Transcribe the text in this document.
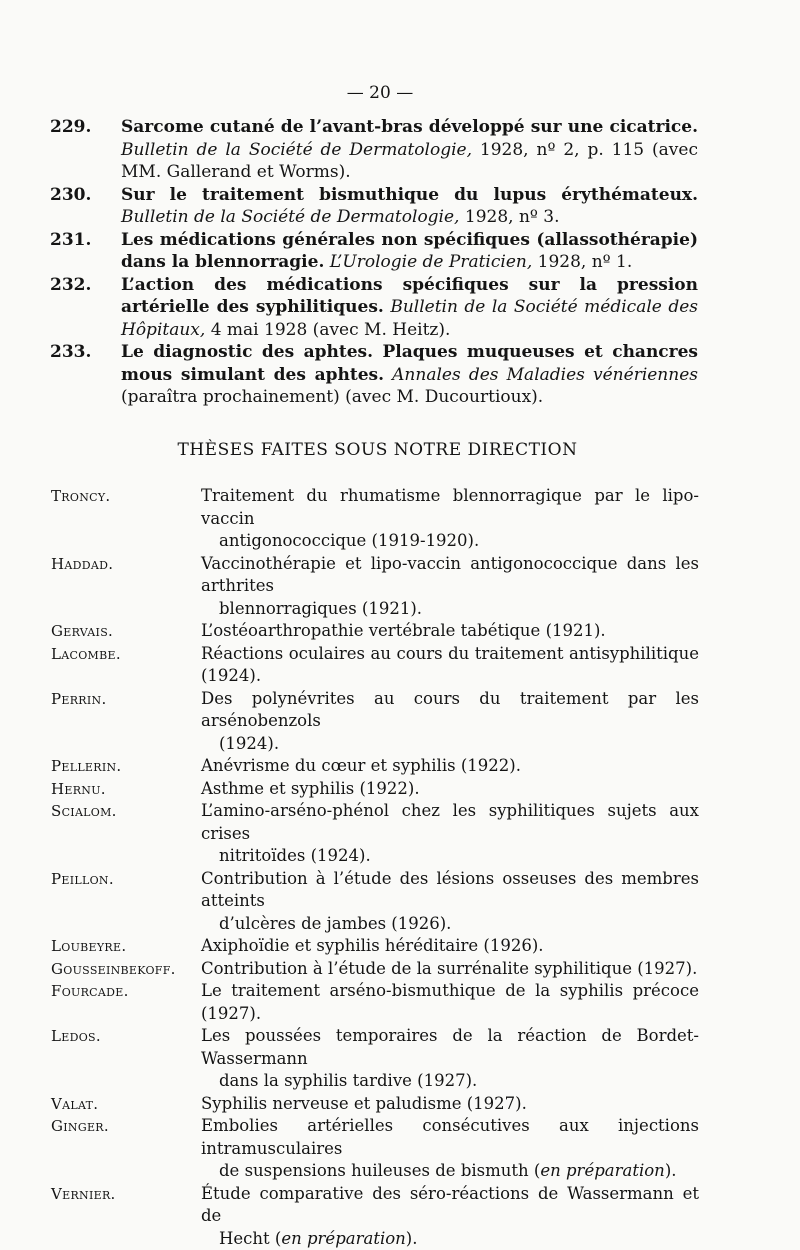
— 20 —
229.	Sarcome cutané de l’avant-bras développé sur une cicatrice. Bulletin de la Société de Dermatologie, 1928, nº 2, p. 115 (avec MM. Gallerand et Worms).
230.	Sur le traitement bismuthique du lupus érythémateux. Bulletin de la Société de Dermatologie, 1928, nº 3.
231.	Les médications générales non spécifiques (allassothérapie) dans la blennorragie. L’Urologie de Praticien, 1928, nº 1.
232.	L’action des médications spécifiques sur la pression artérielle des syphilitiques. Bulletin de la Société médicale des Hôpitaux, 4 mai 1928 (avec M. Heitz).
233.	Le diagnostic des aphtes. Plaques muqueuses et chancres mous simulant des aphtes. Annales des Maladies vénériennes (paraîtra prochainement) (avec M. Ducourtioux).
THÈSES FAITES SOUS NOTRE DIRECTION
Troncy.	Traitement du rhumatisme blennorragique par le lipo-vaccin
antigonococcique (1919-1920).
Haddad.	Vaccinothérapie et lipo-vaccin antigonococcique dans les arthrites
blennorragiques (1921).
Gervais.	L’ostéoarthropathie vertébrale tabétique (1921).
Lacombe.	Réactions oculaires au cours du traitement antisyphilitique (1924).
Perrin.	Des polynévrites au cours du traitement par les arsénobenzols
(1924).
Pellerin.	Anévrisme du cœur et syphilis (1922).
Hernu.	Asthme et syphilis (1922).
Scialom.	L’amino-arséno-phénol chez les syphilitiques sujets aux crises
nitritoïdes (1924).
Peillon.	Contribution à l’étude des lésions osseuses des membres atteints
d’ulcères de jambes (1926).
Loubeyre.	Axiphoïdie et syphilis héréditaire (1926).
Gousseinbekoff. Contribution à l’étude de la surrénalite syphilitique (1927).
Fourcade.	Le traitement arséno-bismuthique de la syphilis précoce (1927).
Ledos.	Les poussées temporaires de la réaction de Bordet-Wassermann
dans la syphilis tardive (1927).
Valat.	Syphilis nerveuse et paludisme (1927).
Ginger.	Embolies artérielles consécutives aux injections intramusculaires
de suspensions huileuses de bismuth (en préparation).
Vernier.	Étude comparative des séro-réactions de Wassermann et de
Hecht (en préparation).
